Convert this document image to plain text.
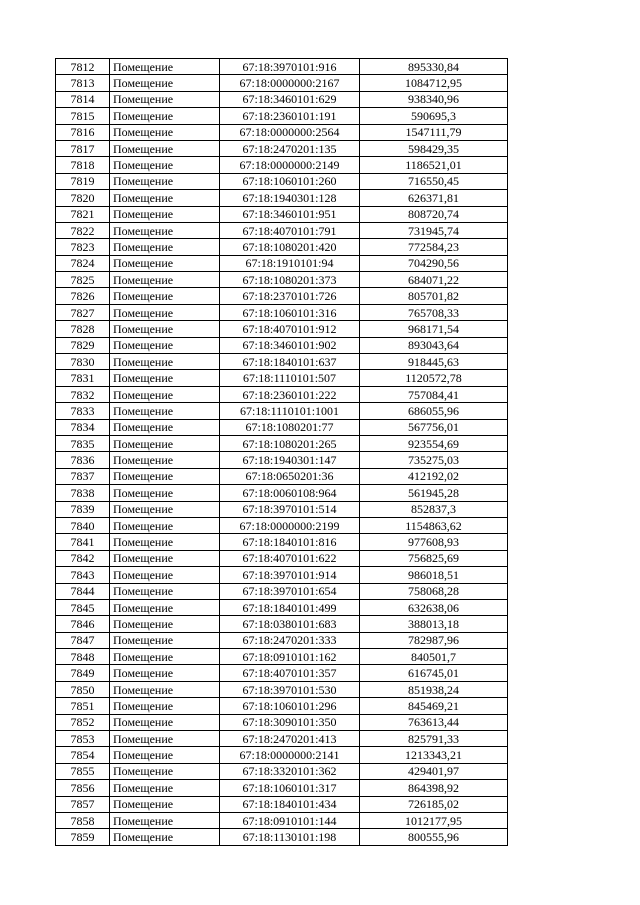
7812	Помещение	67:18:3970101:916	895330,84
7813	Помещение	67:18:0000000:2167	1084712,95
7814	Помещение	67:18:3460101:629	938340,96
7815	Помещение	67:18:2360101:191	590695,3
7816	Помещение	67:18:0000000:2564	1547111,79
7817	Помещение	67:18:2470201:135	598429,35
7818	Помещение	67:18:0000000:2149	1186521,01
7819	Помещение	67:18:1060101:260	716550,45
7820	Помещение	67:18:1940301:128	626371,81
7821	Помещение	67:18:3460101:951	808720,74
7822	Помещение	67:18:4070101:791	731945,74
7823	Помещение	67:18:1080201:420	772584,23
7824	Помещение	67:18:1910101:94	704290,56
7825	Помещение	67:18:1080201:373	684071,22
7826	Помещение	67:18:2370101:726	805701,82
7827	Помещение	67:18:1060101:316	765708,33
7828	Помещение	67:18:4070101:912	968171,54
7829	Помещение	67:18:3460101:902	893043,64
7830	Помещение	67:18:1840101:637	918445,63
7831	Помещение	67:18:1110101:507	1120572,78
7832	Помещение	67:18:2360101:222	757084,41
7833	Помещение	67:18:1110101:1001	686055,96
7834	Помещение	67:18:1080201:77	567756,01
7835	Помещение	67:18:1080201:265	923554,69
7836	Помещение	67:18:1940301:147	735275,03
7837	Помещение	67:18:0650201:36	412192,02
7838	Помещение	67:18:0060108:964	561945,28
7839	Помещение	67:18:3970101:514	852837,3
7840	Помещение	67:18:0000000:2199	1154863,62
7841	Помещение	67:18:1840101:816	977608,93
7842	Помещение	67:18:4070101:622	756825,69
7843	Помещение	67:18:3970101:914	986018,51
7844	Помещение	67:18:3970101:654	758068,28
7845	Помещение	67:18:1840101:499	632638,06
7846	Помещение	67:18:0380101:683	388013,18
7847	Помещение	67:18:2470201:333	782987,96
7848	Помещение	67:18:0910101:162	840501,7
7849	Помещение	67:18:4070101:357	616745,01
7850	Помещение	67:18:3970101:530	851938,24
7851	Помещение	67:18:1060101:296	845469,21
7852	Помещение	67:18:3090101:350	763613,44
7853	Помещение	67:18:2470201:413	825791,33
7854	Помещение	67:18:0000000:2141	1213343,21
7855	Помещение	67:18:3320101:362	429401,97
7856	Помещение	67:18:1060101:317	864398,92
7857	Помещение	67:18:1840101:434	726185,02
7858	Помещение	67:18:0910101:144	1012177,95
7859	Помещение	67:18:1130101:198	800555,96
